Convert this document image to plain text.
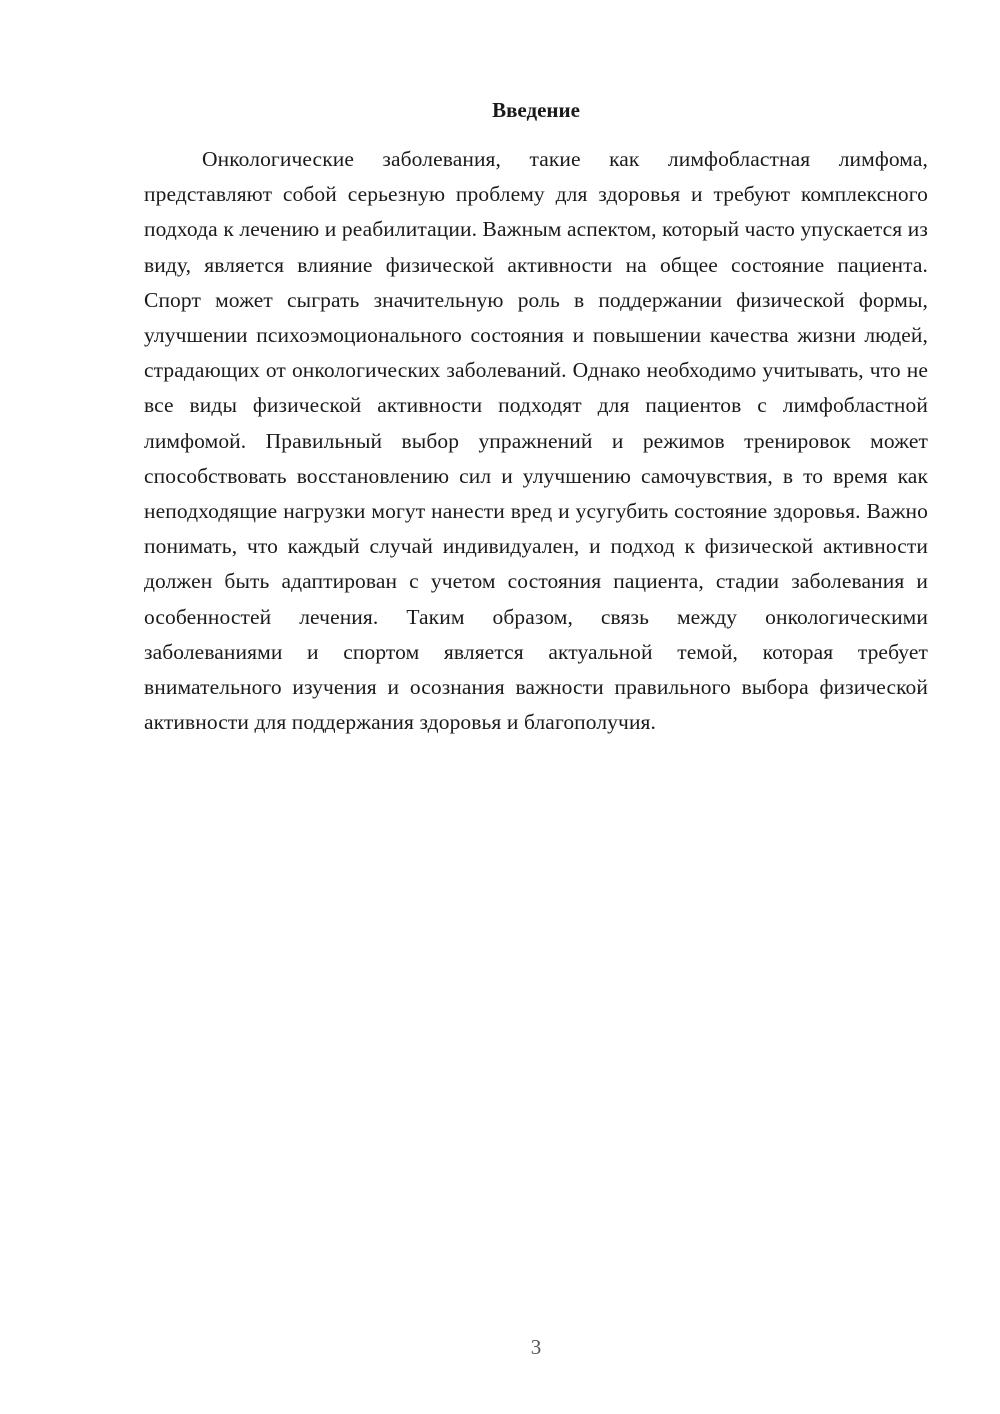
Введение

Онкологические заболевания, такие как лимфобластная лимфома, представляют собой серьезную проблему для здоровья и требуют комплексного подхода к лечению и реабилитации. Важным аспектом, который часто упускается из виду, является влияние физической активности на общее состояние пациента. Спорт может сыграть значительную роль в поддержании физической формы, улучшении психоэмоционального состояния и повышении качества жизни людей, страдающих от онкологических заболеваний. Однако необходимо учитывать, что не все виды физической активности подходят для пациентов с лимфобластной лимфомой. Правильный выбор упражнений и режимов тренировок может способствовать восстановлению сил и улучшению самочувствия, в то время как неподходящие нагрузки могут нанести вред и усугубить состояние здоровья. Важно понимать, что каждый случай индивидуален, и подход к физической активности должен быть адаптирован с учетом состояния пациента, стадии заболевания и особенностей лечения. Таким образом, связь между онкологическими заболеваниями и спортом является актуальной темой, которая требует внимательного изучения и осознания важности правильного выбора физической активности для поддержания здоровья и благополучия.

3
